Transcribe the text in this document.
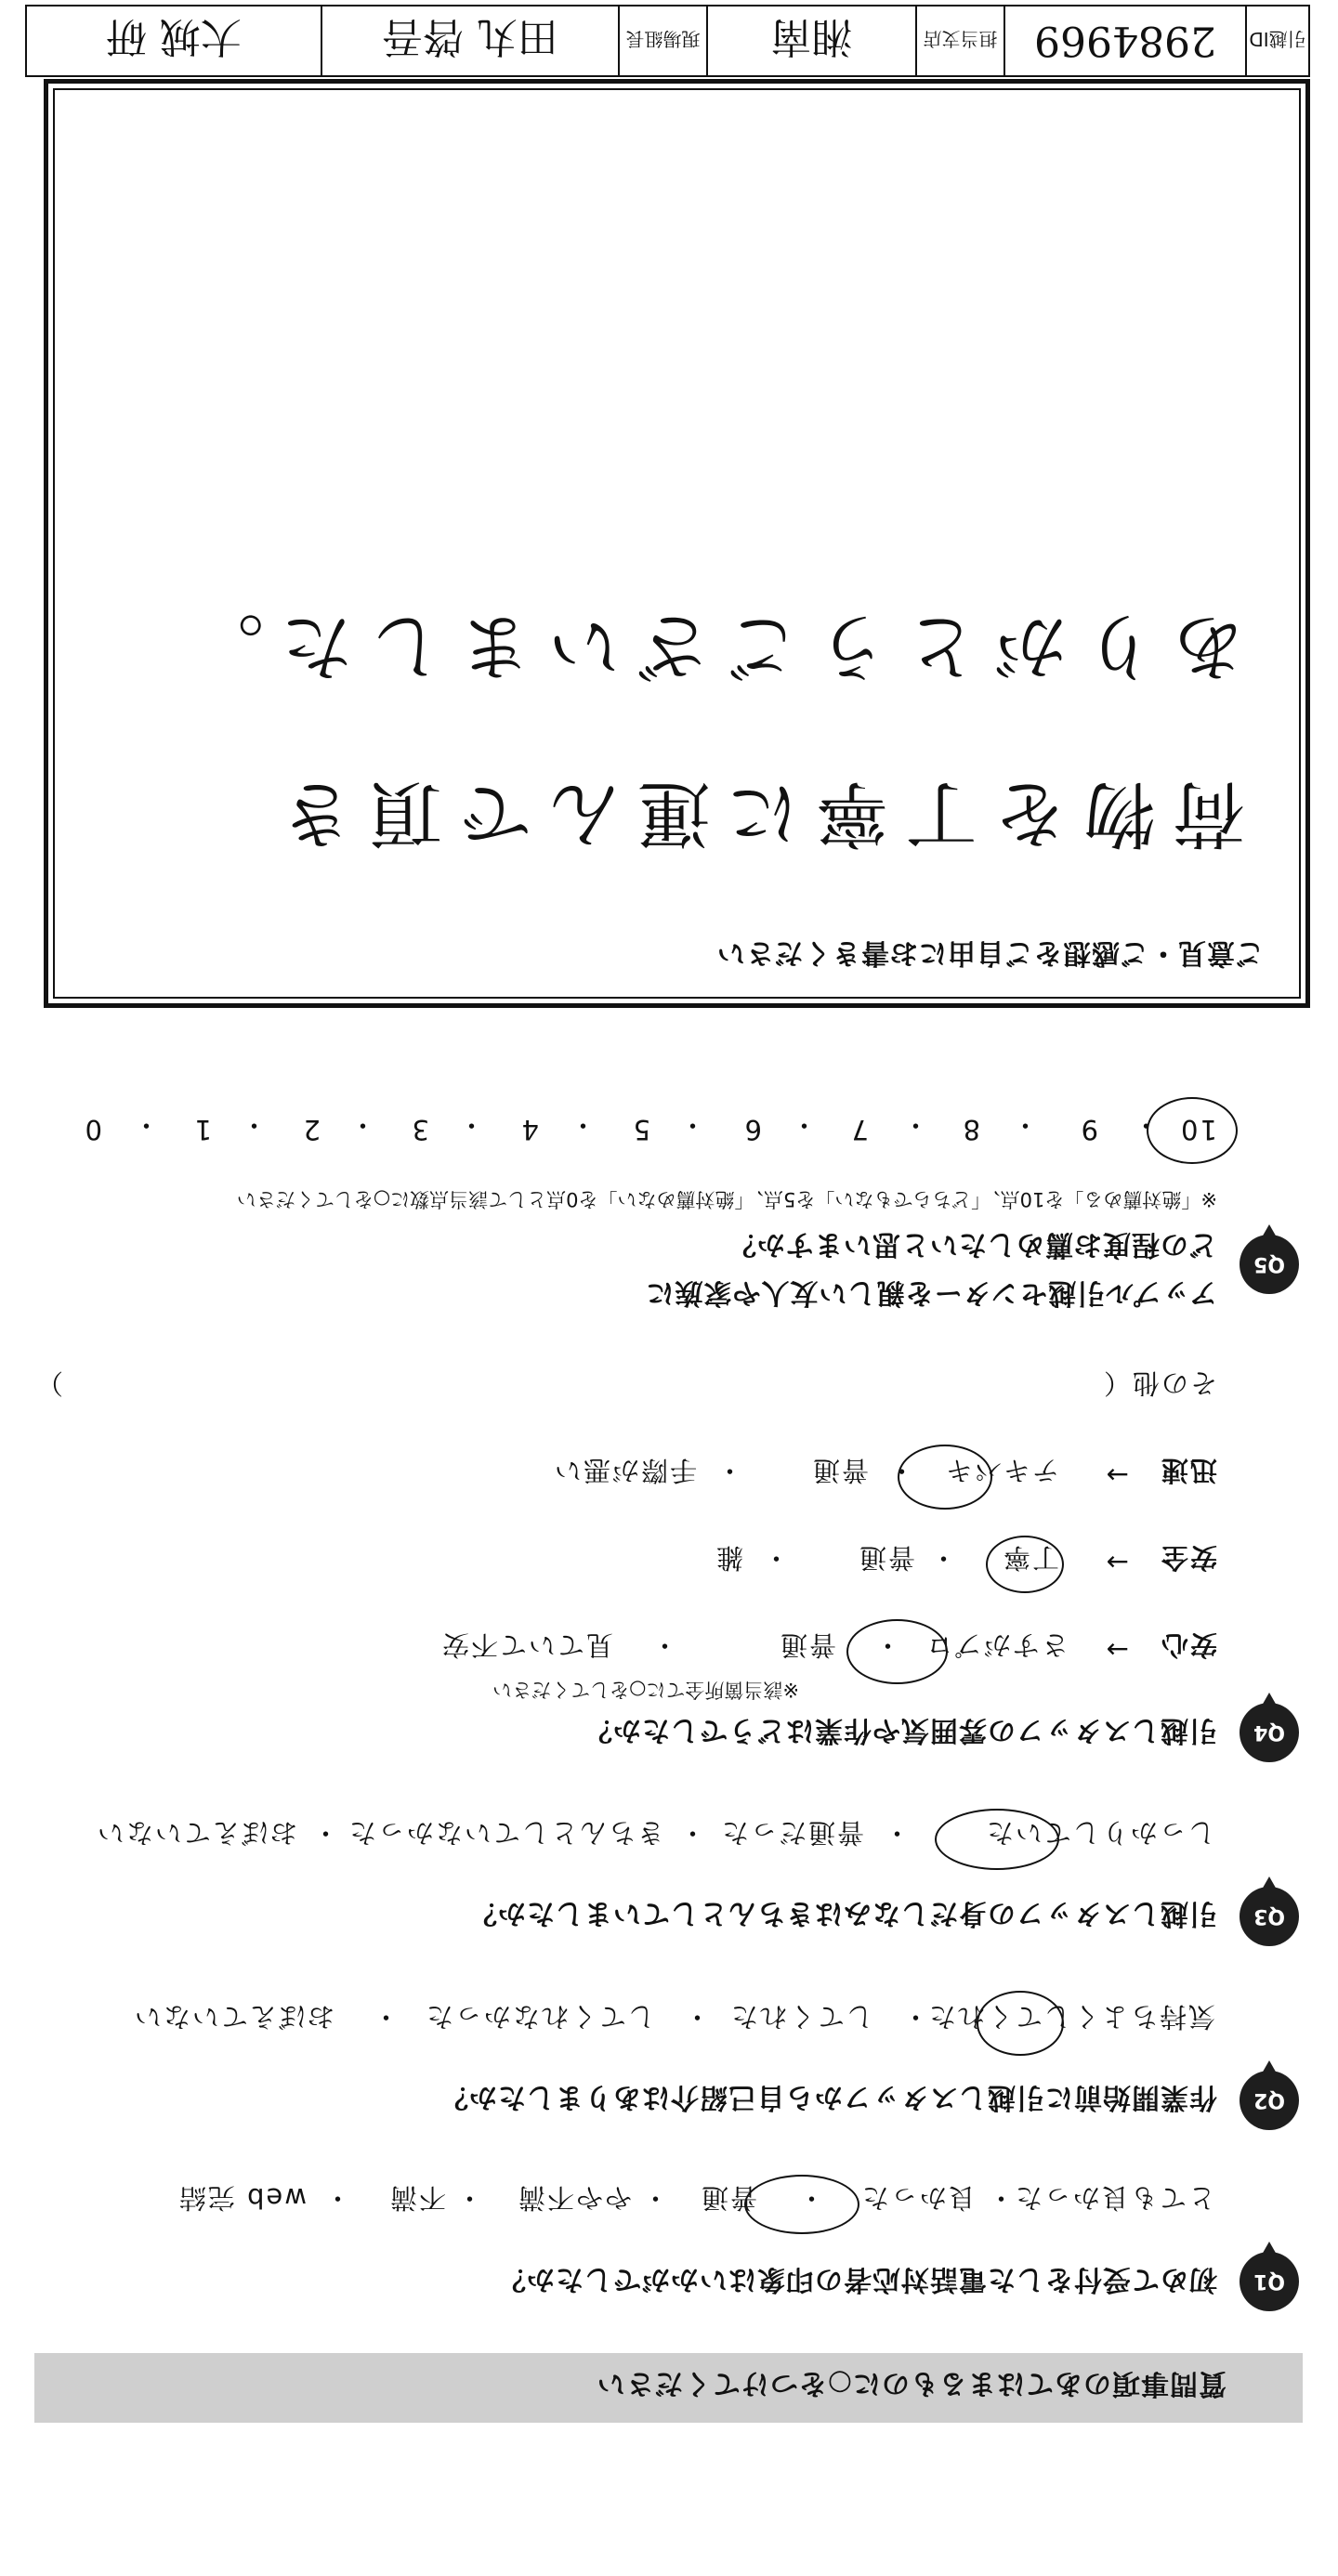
質問事項のあてはまるものに○をつけてください
Q1
初めて受付をした電話対応者の印象はいかがでしたか？
とても良かった
・
良かった
・
普通
・
やや不満
・
不満
・
web 完結
Q2
作業開始前に引越しスタッフから自己紹介はありましたか？
気持ちよくしてくれた
・
してくれた
・
してくれなかった
・
おぼえていない
Q3
引越しスタッフの身だしなみはきちんとしていましたか？
しっかりしていた
・
普通だった
・
きちんとしていなかった
・
おぼえていない
Q4
引越しスタッフの雰囲気や作業はどうでしたか？
※該当箇所全てに○をしてください
安心
→
さすがプロ
・
普通
・
見ていて不安
安全
→
丁寧
・
普通
・
雑
迅速
→
テキパキ
・
普通
・
手際が悪い
その他（
）
Q5
アップル引越センターを親しい友人や家族に
どの程度お薦めしたいと思いますか？
※「絶対薦める」を10点、「どちらでもない」を5点、「絶対薦めない」を0点として該当点数に○をしてください
10
・
9
・
8
・
7
・
6
・
5
・
4
・
3
・
2
・
1
・
0
ご意見・ご感想をご自由にお書きください
荷物を丁寧に運んで頂き
ありがとうございました。
引越ID
2984969
担当支店
湘南
現場組長
田丸 啓吾
大城 研
